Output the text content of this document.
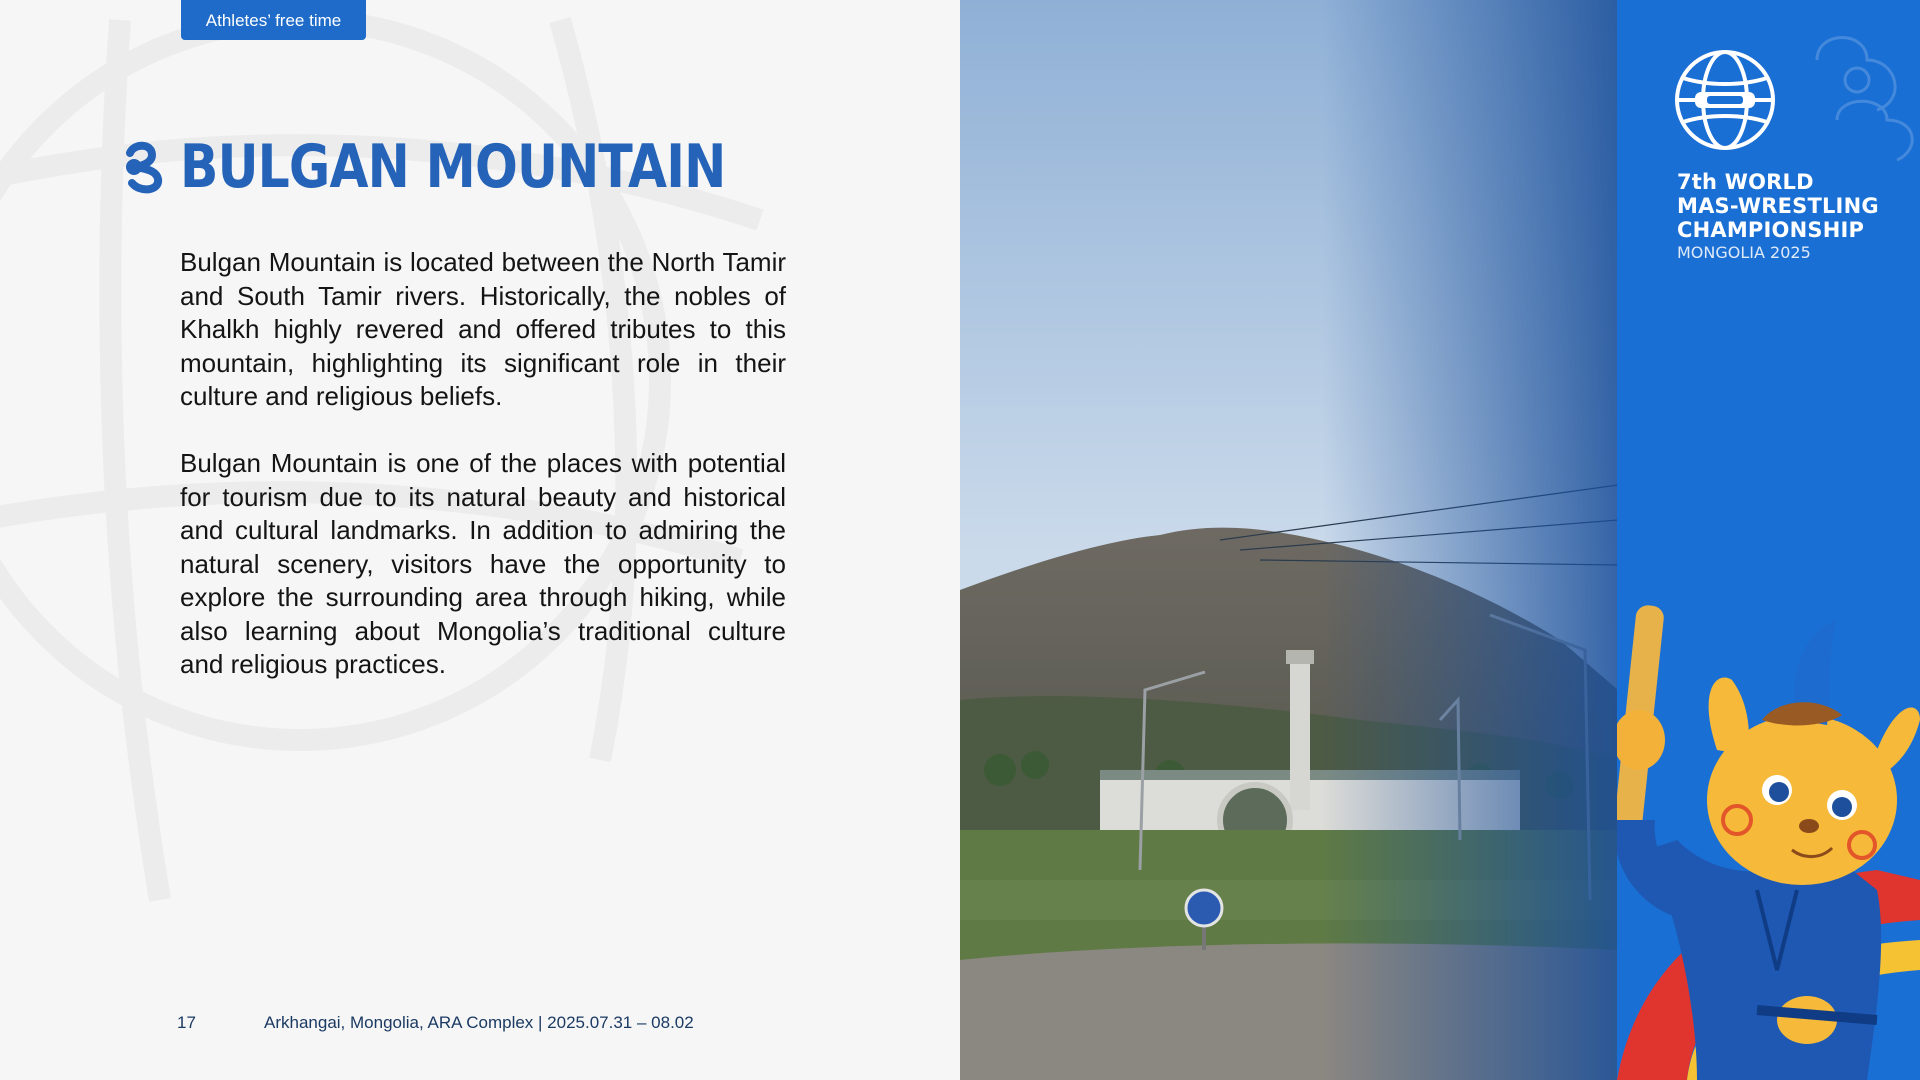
Athletes’ free time
BULGAN MOUNTAIN

Bulgan Mountain is located between the North Tamir and South Tamir rivers. Historically, the nobles of Khalkh highly revered and offered tributes to this mountain, highlighting its significant role in their culture and religious beliefs.

Bulgan Mountain is one of the places with potential for tourism due to its natural beauty and historical and cultural landmarks. In addition to admiring the natural scenery, visitors have the opportunity to explore the surrounding area through hiking, while also learning about Mongolia’s traditional culture and religious practices.

17	Arkhangai, Mongolia, ARA Complex | 2025.07.31 – 08.02
7th WORLD
MAS-WRESTLING
CHAMPIONSHIP
MONGOLIA 2025
